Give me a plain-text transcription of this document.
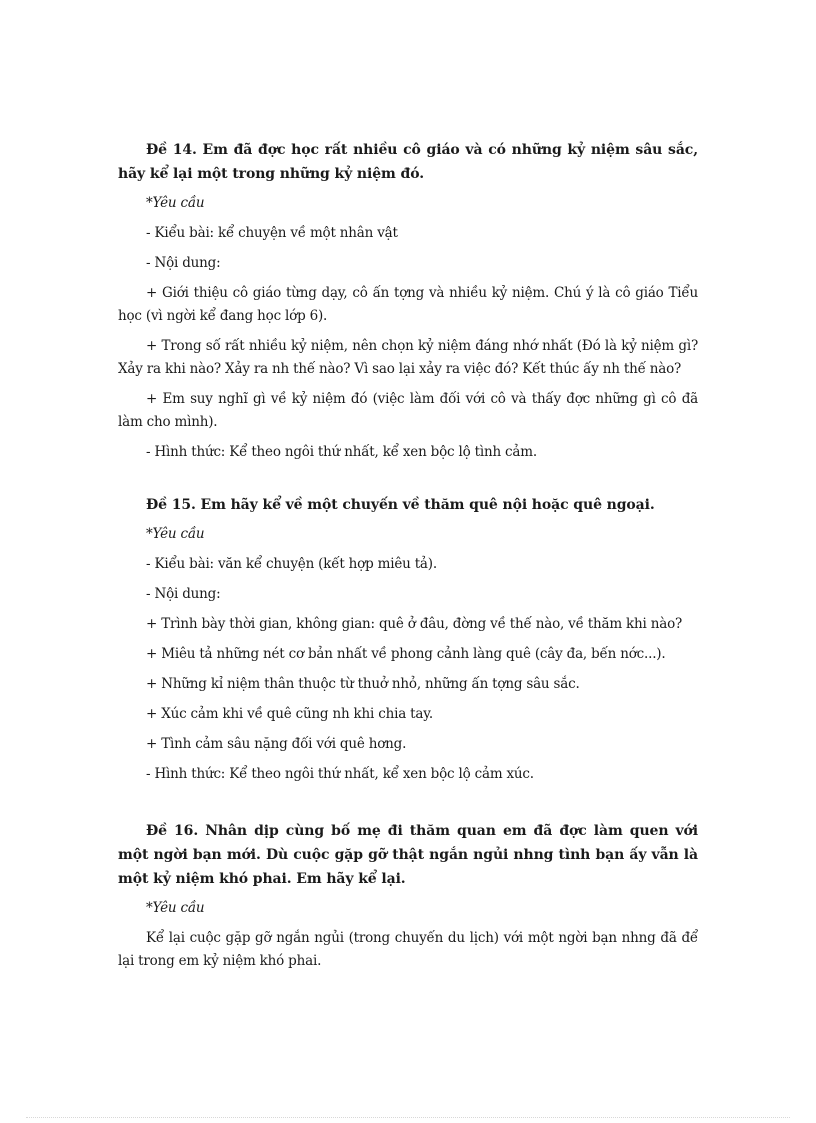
Đề 14. Em đã đợc học rất nhiều cô giáo và có những kỷ niệm sâu sắc, hãy kể lại một trong những kỷ niệm đó.

*Yêu cầu

- Kiểu bài: kể chuyện về một nhân vật

- Nội dung:

+ Giới thiệu cô giáo từng dạy, cô ấn tợng và nhiều kỷ niệm. Chú ý là cô giáo Tiểu học (vì ngời kể đang học lớp 6).

+ Trong số rất nhiều kỷ niệm, nên chọn kỷ niệm đáng nhớ nhất (Đó là kỷ niệm gì? Xảy ra khi nào? Xảy ra nh thế nào? Vì sao lại xảy ra việc đó? Kết thúc ấy nh thế nào?

+ Em suy nghĩ gì về kỷ niệm đó (việc làm đối với cô và thấy đợc những gì cô đã làm cho mình).

- Hình thức: Kể theo ngôi thứ nhất, kể xen bộc lộ tình cảm.

Đề 15. Em hãy kể về một chuyến về thăm quê nội hoặc quê ngoại.

*Yêu cầu

- Kiểu bài: văn kể chuyện (kết hợp miêu tả).

- Nội dung:

+ Trình bày thời gian, không gian: quê ở đâu, đờng về thế nào, về thăm khi nào?

+ Miêu tả những nét cơ bản nhất về phong cảnh làng quê (cây đa, bến nớc...).

+ Những kỉ niệm thân thuộc từ thuở nhỏ, những ấn tợng sâu sắc.

+ Xúc cảm khi về quê cũng nh khi chia tay.

+ Tình cảm sâu nặng đối với quê hơng.

- Hình thức: Kể theo ngôi thứ nhất, kể xen bộc lộ cảm xúc.

Đề 16. Nhân dịp cùng bố mẹ đi thăm quan em đã đợc làm quen với một ngời bạn mới. Dù cuộc gặp gỡ thật ngắn ngủi nhng tình bạn ấy vẫn là một kỷ niệm khó phai. Em hãy kể lại.

*Yêu cầu

Kể lại cuộc gặp gỡ ngắn ngủi (trong chuyến du lịch) với một ngời bạn nhng đã để lại trong em kỷ niệm khó phai.
